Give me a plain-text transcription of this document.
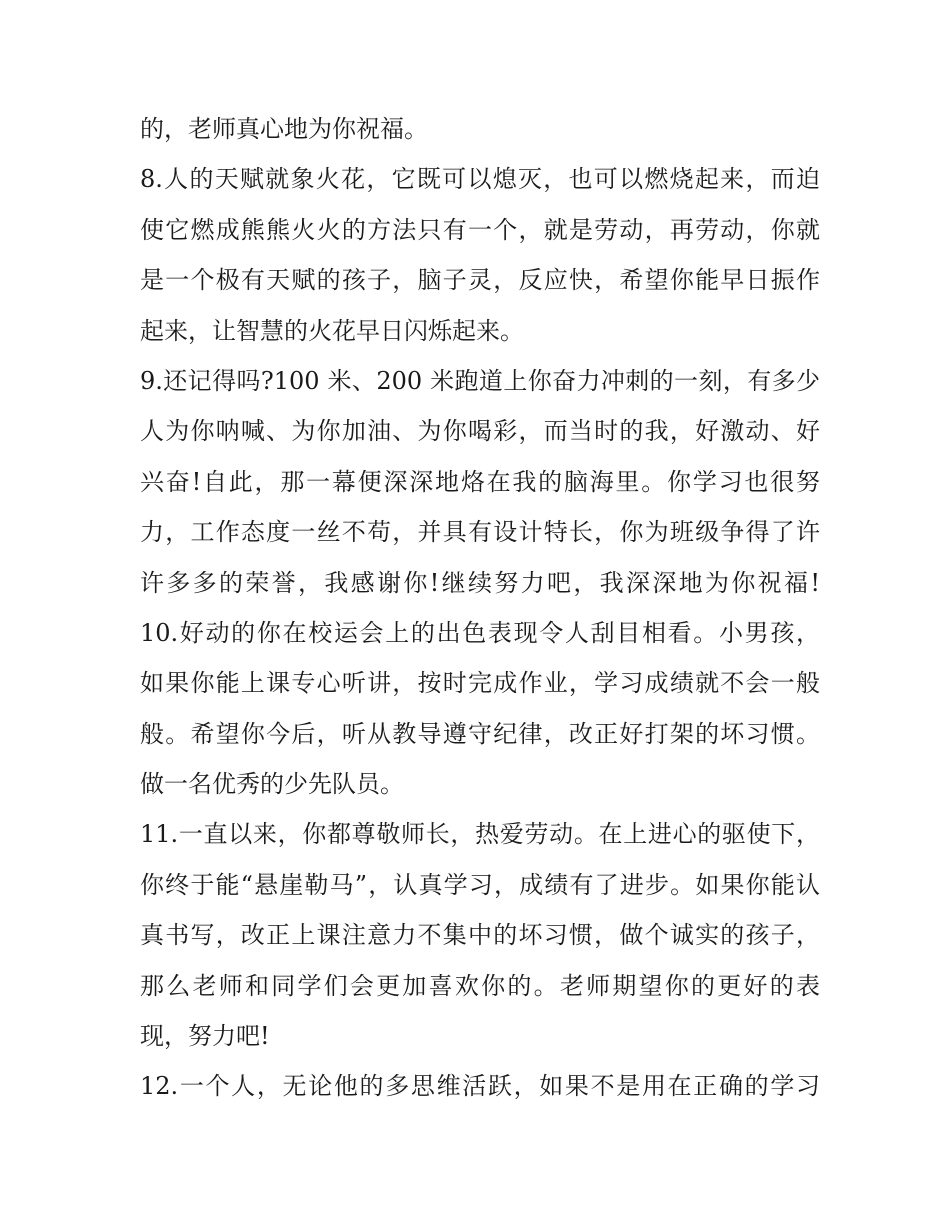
的，老师真心地为你祝福。
8.人的天赋就象火花，它既可以熄灭，也可以燃烧起来，而迫
使它燃成熊熊火火的方法只有一个，就是劳动，再劳动，你就
是一个极有天赋的孩子，脑子灵，反应快，希望你能早日振作
起来，让智慧的火花早日闪烁起来。
9.还记得吗?100 米、200 米跑道上你奋力冲刺的一刻，有多少
人为你呐喊、为你加油、为你喝彩，而当时的我，好激动、好
兴奋!自此，那一幕便深深地烙在我的脑海里。你学习也很努
力，工作态度一丝不苟，并具有设计特长，你为班级争得了许
许多多的荣誉，我感谢你!继续努力吧，我深深地为你祝福!
10.好动的你在校运会上的出色表现令人刮目相看。小男孩，
如果你能上课专心听讲，按时完成作业，学习成绩就不会一般
般。希望你今后，听从教导遵守纪律，改正好打架的坏习惯。
做一名优秀的少先队员。
11.一直以来，你都尊敬师长，热爱劳动。在上进心的驱使下，
你终于能“悬崖勒马”，认真学习，成绩有了进步。如果你能认
真书写，改正上课注意力不集中的坏习惯，做个诚实的孩子，
那么老师和同学们会更加喜欢你的。老师期望你的更好的表
现，努力吧!
12.一个人，无论他的多思维活跃，如果不是用在正确的学习
